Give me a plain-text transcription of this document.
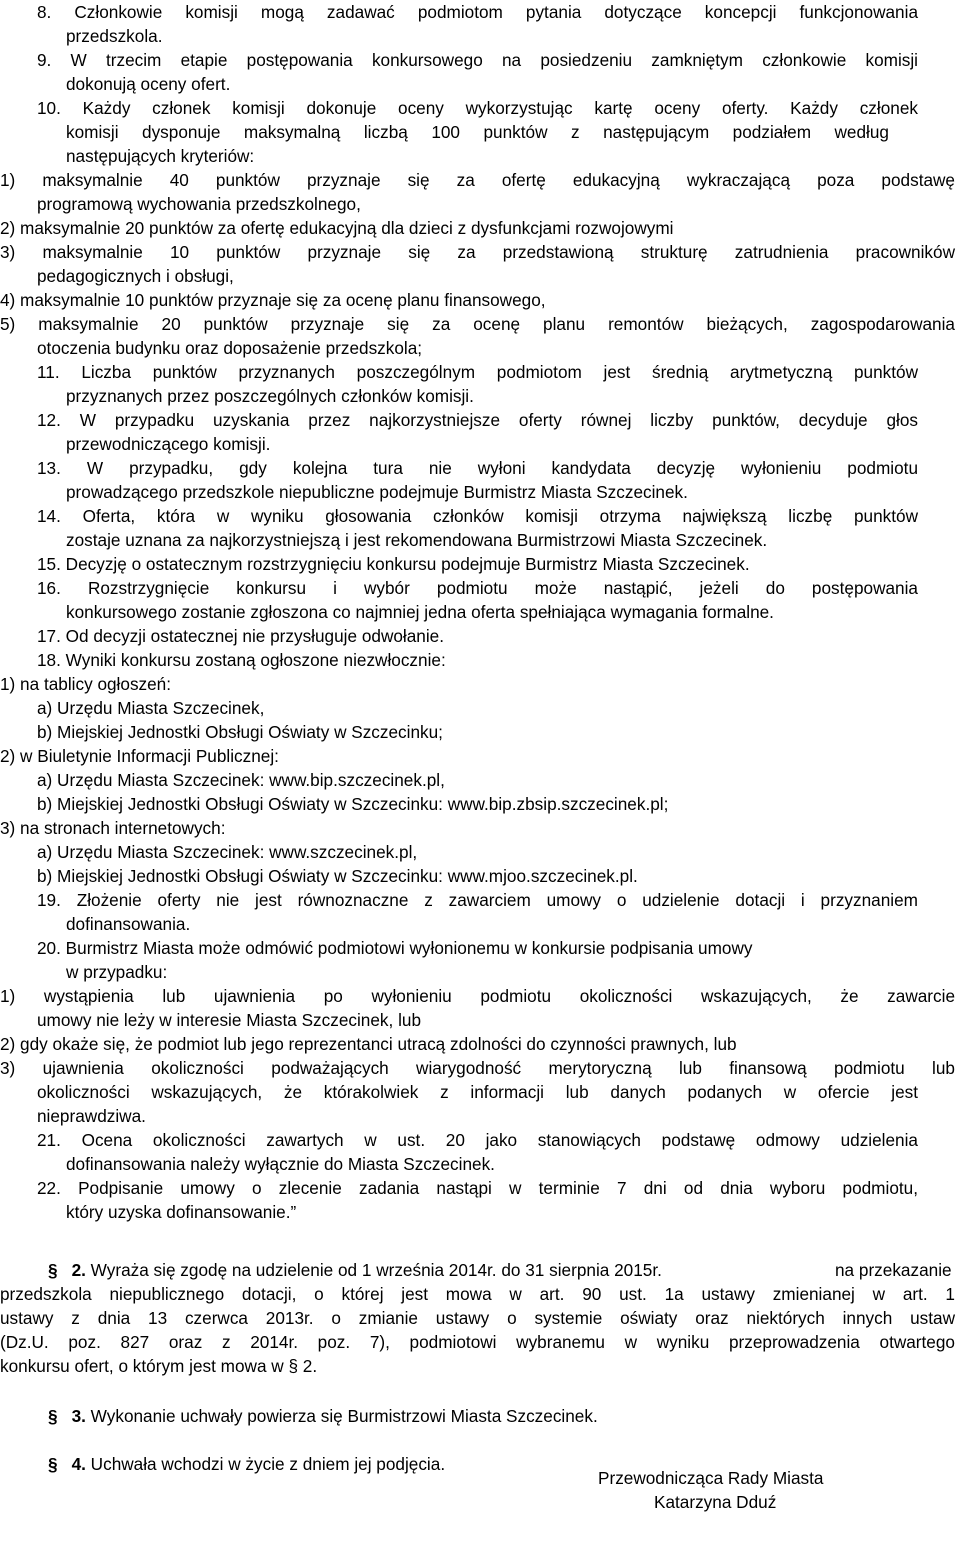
8. Członkowie komisji mogą zadawać podmiotom pytania dotyczące koncepcji funkcjonowania
przedszkola.
9. W trzecim etapie postępowania konkursowego na posiedzeniu zamkniętym członkowie komisji
dokonują oceny ofert.
10. Każdy członek komisji dokonuje oceny wykorzystując kartę oceny oferty. Każdy członek
komisji dysponuje maksymalną liczbą 100 punktów z następującym podziałem według
następujących kryteriów:
1) maksymalnie 40 punktów przyznaje się za ofertę edukacyjną wykraczającą poza podstawę
programową wychowania przedszkolnego,
2) maksymalnie 20 punktów za ofertę edukacyjną dla dzieci z dysfunkcjami rozwojowymi
3) maksymalnie 10 punktów przyznaje się za przedstawioną strukturę zatrudnienia pracowników
pedagogicznych i obsługi,
4) maksymalnie 10 punktów przyznaje się za ocenę planu finansowego,
5) maksymalnie 20 punktów przyznaje się za ocenę planu remontów bieżących, zagospodarowania
otoczenia budynku oraz doposażenie przedszkola;
11. Liczba punktów przyznanych poszczególnym podmiotom jest średnią arytmetyczną punktów
przyznanych przez poszczególnych członków komisji.
12. W przypadku uzyskania przez najkorzystniejsze oferty równej liczby punktów, decyduje głos
przewodniczącego komisji.
13. W przypadku, gdy kolejna tura nie wyłoni kandydata decyzję wyłonieniu podmiotu
prowadzącego przedszkole niepubliczne podejmuje Burmistrz Miasta Szczecinek.
14. Oferta, która w wyniku głosowania członków komisji otrzyma największą liczbę punktów
zostaje uznana za najkorzystniejszą i jest rekomendowana Burmistrzowi Miasta Szczecinek.
15. Decyzję o ostatecznym rozstrzygnięciu konkursu podejmuje Burmistrz Miasta Szczecinek.
16. Rozstrzygnięcie konkursu i wybór podmiotu może nastąpić, jeżeli do postępowania
konkursowego zostanie zgłoszona co najmniej jedna oferta spełniająca wymagania formalne.
17. Od decyzji ostatecznej nie przysługuje odwołanie.
18. Wyniki konkursu zostaną ogłoszone niezwłocznie:
1) na tablicy ogłoszeń:
a) Urzędu Miasta Szczecinek,
b) Miejskiej Jednostki Obsługi Oświaty w Szczecinku;
2) w Biuletynie Informacji Publicznej:
a) Urzędu Miasta Szczecinek: www.bip.szczecinek.pl,
b) Miejskiej Jednostki Obsługi Oświaty w Szczecinku: www.bip.zbsip.szczecinek.pl;
3) na stronach internetowych:
a) Urzędu Miasta Szczecinek: www.szczecinek.pl,
b) Miejskiej Jednostki Obsługi Oświaty w Szczecinku: www.mjoo.szczecinek.pl.
19. Złożenie oferty nie jest równoznaczne z zawarciem umowy o udzielenie dotacji i przyznaniem
dofinansowania.
20. Burmistrz Miasta może odmówić podmiotowi wyłonionemu w konkursie podpisania umowy
w przypadku:
1) wystąpienia lub ujawnienia po wyłonieniu podmiotu okoliczności wskazujących, że zawarcie
umowy nie leży w interesie Miasta Szczecinek, lub
2) gdy okaże się, że podmiot lub jego reprezentanci utracą zdolności do czynności prawnych, lub
3) ujawnienia okoliczności podważających wiarygodność merytoryczną lub finansową podmiotu lub
okoliczności wskazujących, że którakolwiek z informacji lub danych podanych w ofercie jest
nieprawdziwa.
21. Ocena okoliczności zawartych w ust. 20 jako stanowiących podstawę odmowy udzielenia
dofinansowania należy wyłącznie do Miasta Szczecinek.
22. Podpisanie umowy o zlecenie zadania nastąpi w terminie 7 dni od dnia wyboru podmiotu,
który uzyska dofinansowanie.”
na przekazanie
przedszkola niepublicznego dotacji, o której jest mowa w art. 90 ust. 1a ustawy zmienianej w art. 1
ustawy z dnia 13 czerwca 2013r. o zmianie ustawy o systemie oświaty oraz niektórych innych ustaw
(Dz.U. poz. 827 oraz z 2014r. poz. 7), podmiotowi wybranemu w wyniku przeprowadzenia otwartego
konkursu ofert, o którym jest mowa w § 2.
Przewodnicząca Rady Miasta
Katarzyna Dduź
§ 2. Wyraża się zgodę na udzielenie od 1 września 2014r. do 31 sierpnia 2015r.
§ 3. Wykonanie uchwały powierza się Burmistrzowi Miasta Szczecinek.
§ 4. Uchwała wchodzi w życie z dniem jej podjęcia.
